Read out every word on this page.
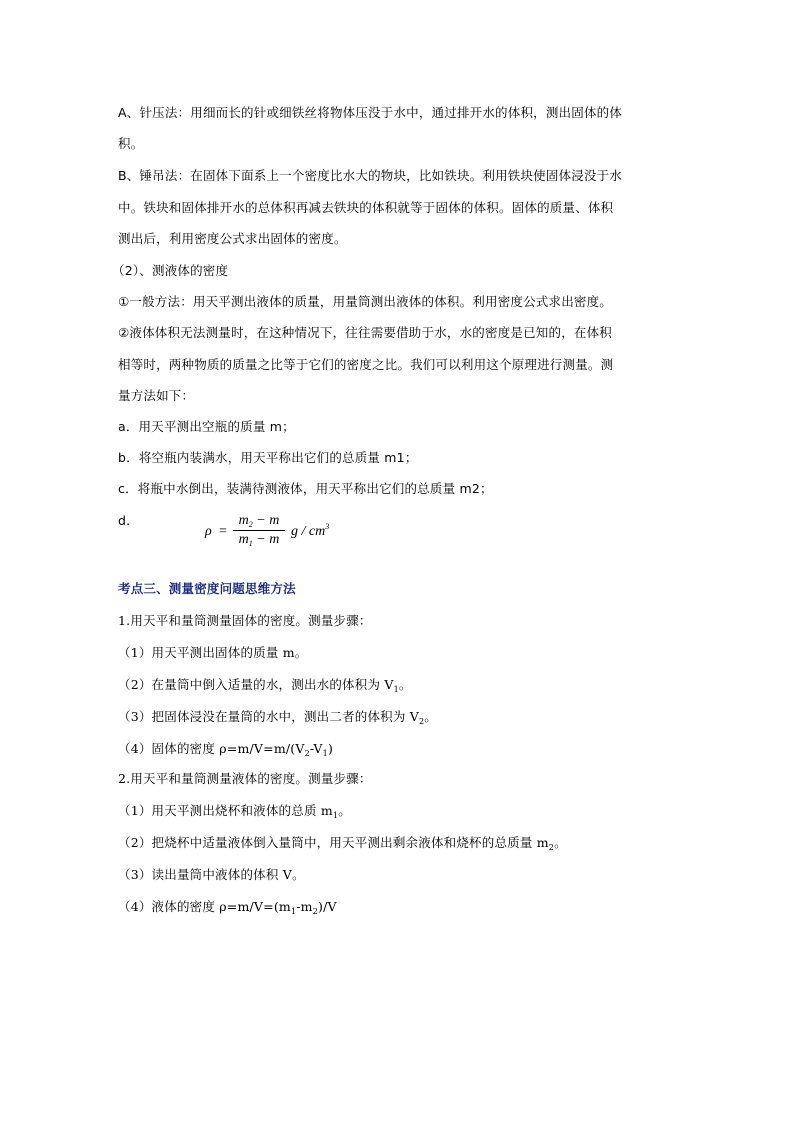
A、针压法：用细而长的针或细铁丝将物体压没于水中，通过排开水的体积，测出固体的体
积。
B、锤吊法：在固体下面系上一个密度比水大的物块，比如铁块。利用铁块使固体浸没于水
中。铁块和固体排开水的总体积再减去铁块的体积就等于固体的体积。固体的质量、体积
测出后，利用密度公式求出固体的密度。
（2）、测液体的密度
①一般方法：用天平测出液体的质量，用量筒测出液体的体积。利用密度公式求出密度。
②液体体积无法测量时，在这种情况下，往往需要借助于水，水的密度是已知的，在体积
相等时，两种物质的质量之比等于它们的密度之比。我们可以利用这个原理进行测量。测
量方法如下：
a．用天平测出空瓶的质量 m；
b．将空瓶内装满水，用天平称出它们的总质量 m1；
c．将瓶中水倒出，装满待测液体，用天平称出它们的总质量 m2；
d.
ρ =
$m_2 - m$
$m_1 - m$
g / $cm^3$
考点三、测量密度问题思维方法
1.用天平和量筒测量固体的密度。测量步骤：
（1）用天平测出固体的质量 m。
（2）在量筒中倒入适量的水，测出水的体积为 $V_1$。
（3）把固体浸没在量筒的水中，测出二者的体积为 $V_2$。
（4）固体的密度 $\rho=m/V=m/(V_2-V_1)$
2.用天平和量筒测量液体的密度。测量步骤：
（1）用天平测出烧杯和液体的总质 $m_1$。
（2）把烧杯中适量液体倒入量筒中，用天平测出剩余液体和烧杯的总质量 $m_2$。
（3）读出量筒中液体的体积 V。
（4）液体的密度 $\rho=m/V=(m_1-m_2)/V$
